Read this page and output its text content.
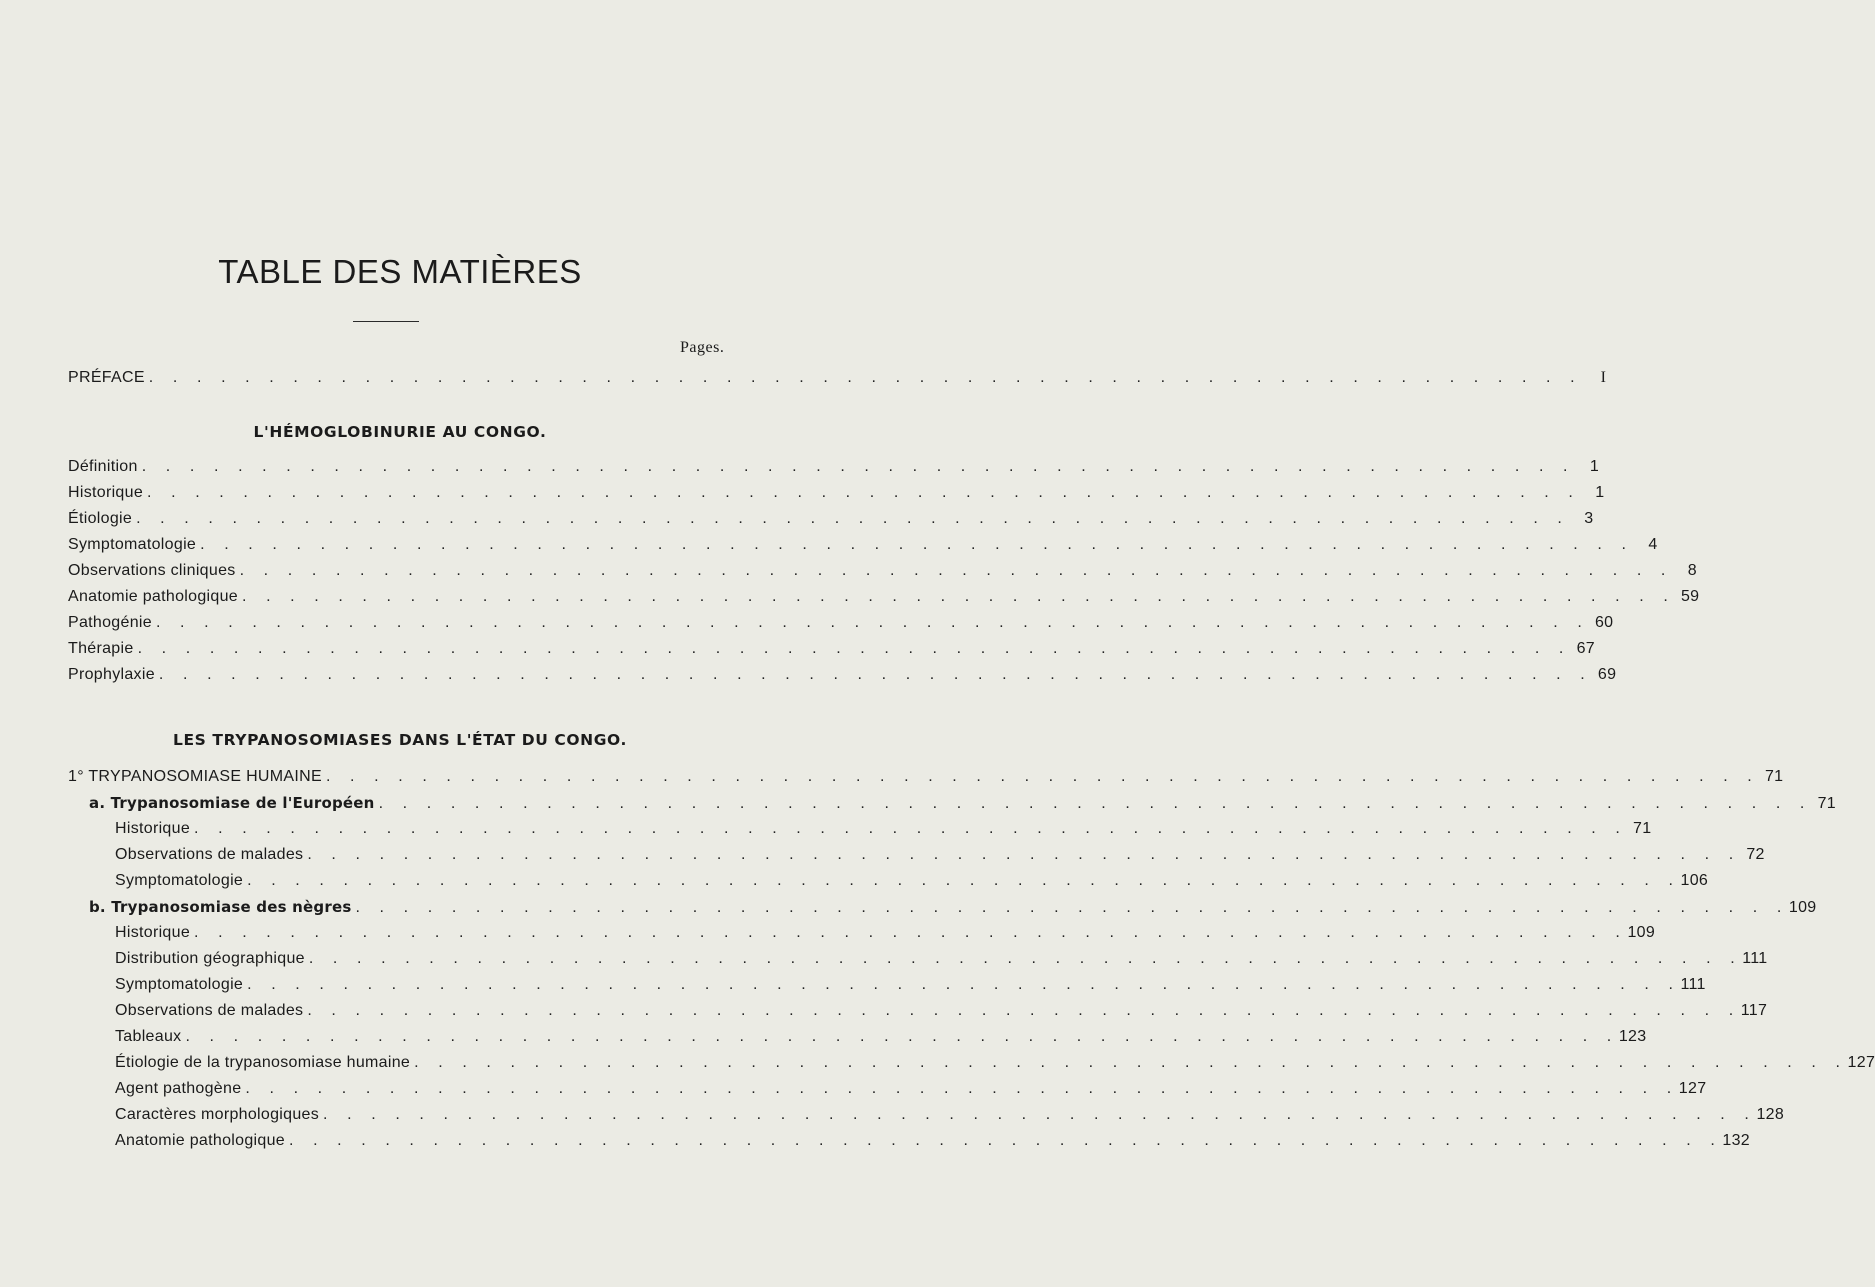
TABLE DES MATIÈRES
Pages.
PRÉFACE . . . . . . . . . . . . . . . . . . . . . . . . . . . . . . . . . . . . . . . . . . . . . . . . . . . . . . . . . . . .	I
L'HÉMOGLOBINURIE AU CONGO.
Définition . . . . . . . . . . . . . . . . . . . . . . . . . . . . . . . . . . . . . . . . . . . . . . . . . . . . . . . . . . . . 1
Historique . . . . . . . . . . . . . . . . . . . . . . . . . . . . . . . . . . . . . . . . . . . . . . . . . . . . . . . . . . . . 1
Étiologie . . . . . . . . . . . . . . . . . . . . . . . . . . . . . . . . . . . . . . . . . . . . . . . . . . . . . . . . . . . . 3
Symptomatologie . . . . . . . . . . . . . . . . . . . . . . . . . . . . . . . . . . . . . . . . . . . . . . . . . . . . . . . . . . . . 4
Observations cliniques . . . . . . . . . . . . . . . . . . . . . . . . . . . . . . . . . . . . . . . . . . . . . . . . . . . . . . . . . . . . 8
Anatomie pathologique . . . . . . . . . . . . . . . . . . . . . . . . . . . . . . . . . . . . . . . . . . . . . . . . . . . . . . . . . . . . 59
Pathogénie . . . . . . . . . . . . . . . . . . . . . . . . . . . . . . . . . . . . . . . . . . . . . . . . . . . . . . . . . . . . 60
Thérapie . . . . . . . . . . . . . . . . . . . . . . . . . . . . . . . . . . . . . . . . . . . . . . . . . . . . . . . . . . . . 67
Prophylaxie . . . . . . . . . . . . . . . . . . . . . . . . . . . . . . . . . . . . . . . . . . . . . . . . . . . . . . . . . . . . 69
LES TRYPANOSOMIASES DANS L'ÉTAT DU CONGO.
1° TRYPANOSOMIASE HUMAINE . . . . . . . . . . . . . . . . . . . . . . . . . . . . . . . . . . . . . . . . . . . . . . . . . . . . . . . . . . . . 71
a. Trypanosomiase de l'Européen . . . . . . . . . . . . . . . . . . . . . . . . . . . . . . . . . . . . . . . . . . . . . . . . . . . . . . . . . . . . 71
Historique . . . . . . . . . . . . . . . . . . . . . . . . . . . . . . . . . . . . . . . . . . . . . . . . . . . . . . . . . . . . 71
Observations de malades . . . . . . . . . . . . . . . . . . . . . . . . . . . . . . . . . . . . . . . . . . . . . . . . . . . . . . . . . . . . 72
Symptomatologie . . . . . . . . . . . . . . . . . . . . . . . . . . . . . . . . . . . . . . . . . . . . . . . . . . . . . . . . . . . . 106
b. Trypanosomiase des nègres . . . . . . . . . . . . . . . . . . . . . . . . . . . . . . . . . . . . . . . . . . . . . . . . . . . . . . . . . . . . 109
Historique . . . . . . . . . . . . . . . . . . . . . . . . . . . . . . . . . . . . . . . . . . . . . . . . . . . . . . . . . . . . 109
Distribution géographique . . . . . . . . . . . . . . . . . . . . . . . . . . . . . . . . . . . . . . . . . . . . . . . . . . . . . . . . . . . . 111
Symptomatologie . . . . . . . . . . . . . . . . . . . . . . . . . . . . . . . . . . . . . . . . . . . . . . . . . . . . . . . . . . . . 111
Observations de malades . . . . . . . . . . . . . . . . . . . . . . . . . . . . . . . . . . . . . . . . . . . . . . . . . . . . . . . . . . . . 117
Tableaux . . . . . . . . . . . . . . . . . . . . . . . . . . . . . . . . . . . . . . . . . . . . . . . . . . . . . . . . . . . . 123
Étiologie de la trypanosomiase humaine . . . . . . . . . . . . . . . . . . . . . . . . . . . . . . . . . . . . . . . . . . . . . . . . . . . . . . . . . . . . 127
Agent pathogène . . . . . . . . . . . . . . . . . . . . . . . . . . . . . . . . . . . . . . . . . . . . . . . . . . . . . . . . . . . . 127
Caractères morphologiques . . . . . . . . . . . . . . . . . . . . . . . . . . . . . . . . . . . . . . . . . . . . . . . . . . . . . . . . . . . . 128
Anatomie pathologique . . . . . . . . . . . . . . . . . . . . . . . . . . . . . . . . . . . . . . . . . . . . . . . . . . . . . . . . . . . . 132
